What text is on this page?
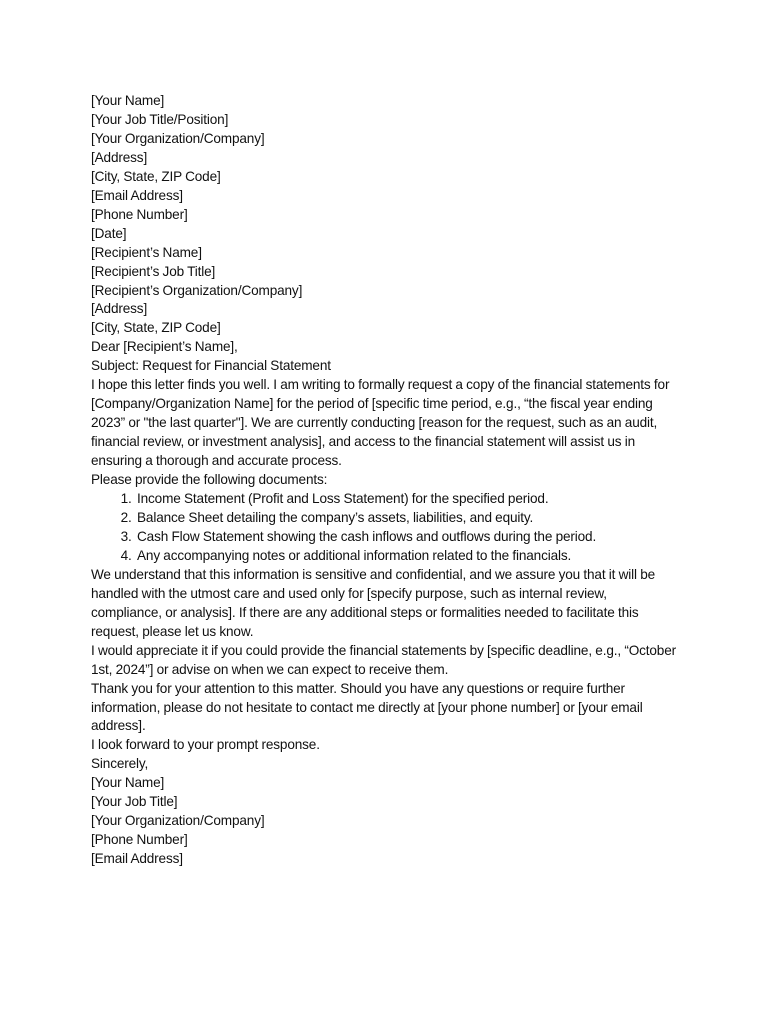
[Your Name]
[Your Job Title/Position]
[Your Organization/Company]
[Address]
[City, State, ZIP Code]
[Email Address]
[Phone Number]
[Date]
[Recipient’s Name]
[Recipient’s Job Title]
[Recipient’s Organization/Company]
[Address]
[City, State, ZIP Code]
Dear [Recipient’s Name],
Subject: Request for Financial Statement
I hope this letter finds you well. I am writing to formally request a copy of the financial statements for [Company/Organization Name] for the period of [specific time period, e.g., “the fiscal year ending 2023” or "the last quarter"]. We are currently conducting [reason for the request, such as an audit, financial review, or investment analysis], and access to the financial statement will assist us in ensuring a thorough and accurate process.
Please provide the following documents:
1. Income Statement (Profit and Loss Statement) for the specified period.
2. Balance Sheet detailing the company’s assets, liabilities, and equity.
3. Cash Flow Statement showing the cash inflows and outflows during the period.
4. Any accompanying notes or additional information related to the financials.
We understand that this information is sensitive and confidential, and we assure you that it will be handled with the utmost care and used only for [specify purpose, such as internal review, compliance, or analysis]. If there are any additional steps or formalities needed to facilitate this request, please let us know.
I would appreciate it if you could provide the financial statements by [specific deadline, e.g., “October 1st, 2024”] or advise on when we can expect to receive them.
Thank you for your attention to this matter. Should you have any questions or require further information, please do not hesitate to contact me directly at [your phone number] or [your email address].
I look forward to your prompt response.
Sincerely,
[Your Name]
[Your Job Title]
[Your Organization/Company]
[Phone Number]
[Email Address]
